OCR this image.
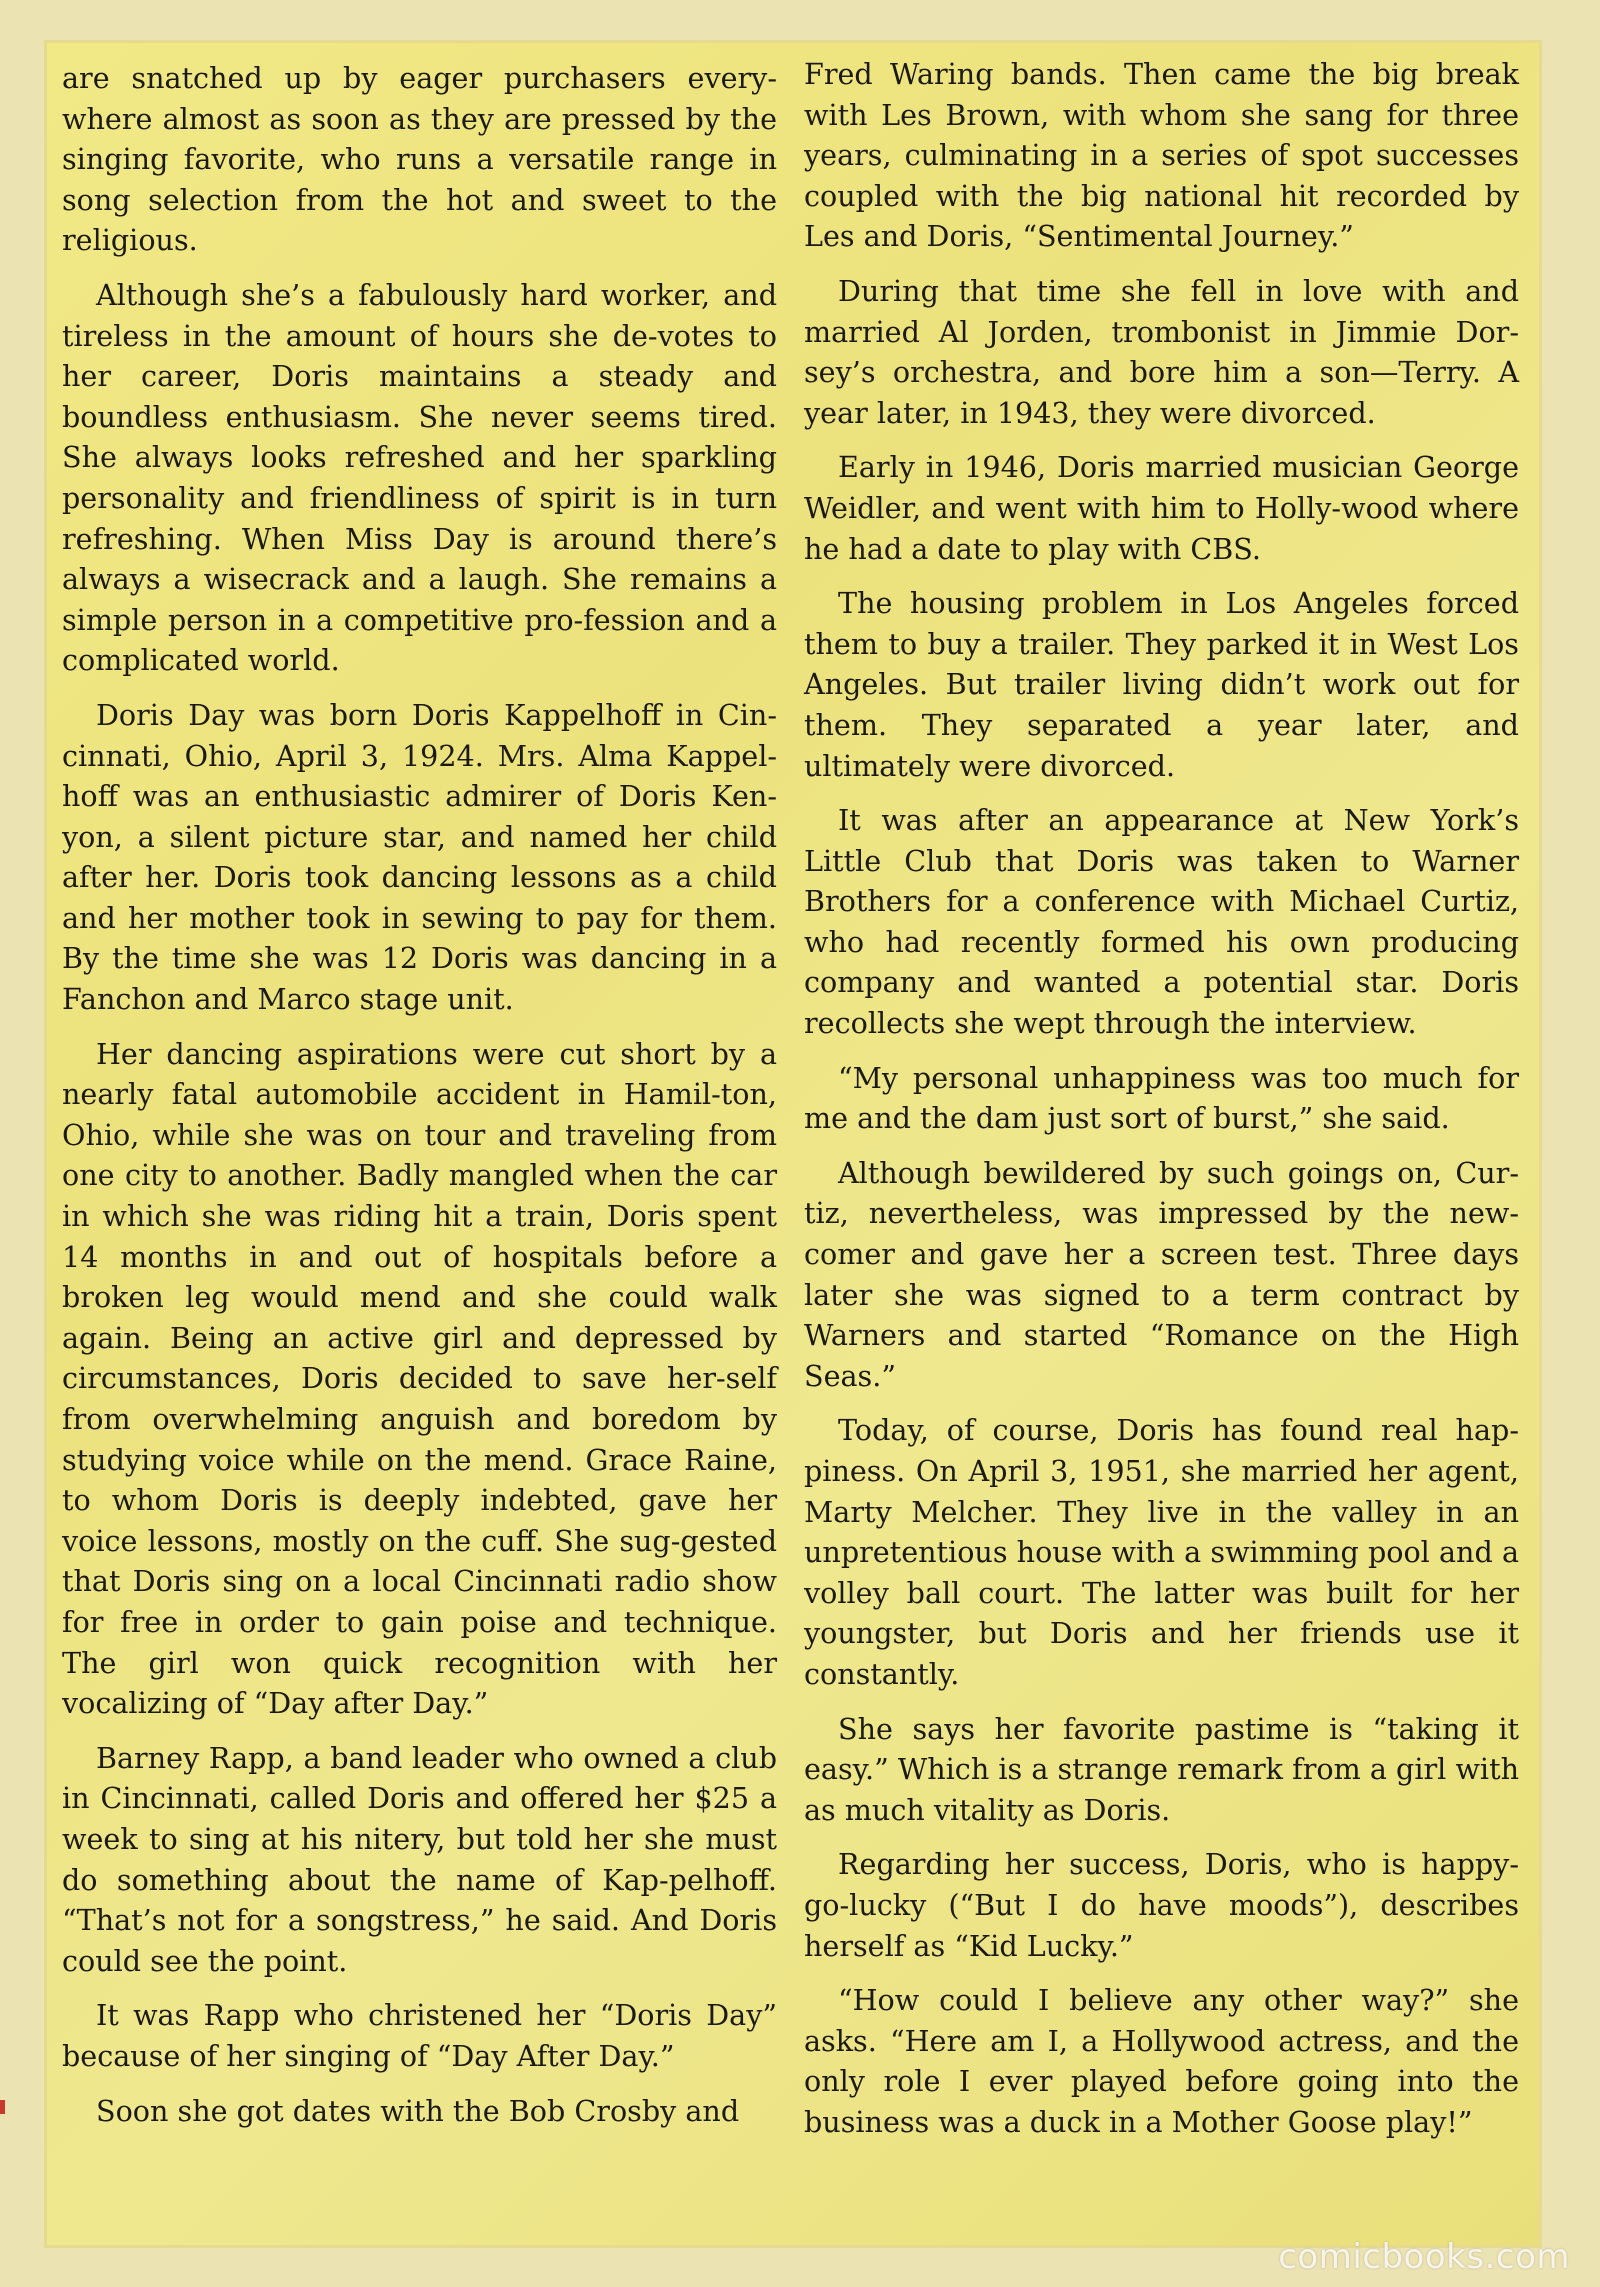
are snatched up by eager purchasers every-where almost as soon as they are pressed by the singing favorite, who runs a versatile range in song selection from the hot and sweet to the religious.

Although she’s a fabulously hard worker, and tireless in the amount of hours she de-votes to her career, Doris maintains a steady and boundless enthusiasm. She never seems tired. She always looks refreshed and her sparkling personality and friendliness of spirit is in turn refreshing. When Miss Day is around there’s always a wisecrack and a laugh. She remains a simple person in a competitive pro-fession and a complicated world.

Doris Day was born Doris Kappelhoff in Cin-cinnati, Ohio, April 3, 1924. Mrs. Alma Kappel-hoff was an enthusiastic admirer of Doris Ken-yon, a silent picture star, and named her child after her. Doris took dancing lessons as a child and her mother took in sewing to pay for them. By the time she was 12 Doris was dancing in a Fanchon and Marco stage unit.

Her dancing aspirations were cut short by a nearly fatal automobile accident in Hamil-ton, Ohio, while she was on tour and traveling from one city to another. Badly mangled when the car in which she was riding hit a train, Doris spent 14 months in and out of hospitals before a broken leg would mend and she could walk again. Being an active girl and depressed by circumstances, Doris decided to save her-self from overwhelming anguish and boredom by studying voice while on the mend. Grace Raine, to whom Doris is deeply indebted, gave her voice lessons, mostly on the cuff. She sug-gested that Doris sing on a local Cincinnati radio show for free in order to gain poise and technique. The girl won quick recognition with her vocalizing of “Day after Day.”

Barney Rapp, a band leader who owned a club in Cincinnati, called Doris and offered her $25 a week to sing at his nitery, but told her she must do something about the name of Kap-pelhoff. “That’s not for a songstress,” he said. And Doris could see the point.

It was Rapp who christened her “Doris Day” because of her singing of “Day After Day.”

Soon she got dates with the Bob Crosby and

Fred Waring bands. Then came the big break with Les Brown, with whom she sang for three years, culminating in a series of spot successes coupled with the big national hit recorded by Les and Doris, “Sentimental Journey.”

During that time she fell in love with and married Al Jorden, trombonist in Jimmie Dor-sey’s orchestra, and bore him a son—Terry. A year later, in 1943, they were divorced.

Early in 1946, Doris married musician George Weidler, and went with him to Holly-wood where he had a date to play with CBS.

The housing problem in Los Angeles forced them to buy a trailer. They parked it in West Los Angeles. But trailer living didn’t work out for them. They separated a year later, and ultimately were divorced.

It was after an appearance at New York’s Little Club that Doris was taken to Warner Brothers for a conference with Michael Curtiz, who had recently formed his own producing company and wanted a potential star. Doris recollects she wept through the interview.

“My personal unhappiness was too much for me and the dam just sort of burst,” she said.

Although bewildered by such goings on, Cur-tiz, nevertheless, was impressed by the new-comer and gave her a screen test. Three days later she was signed to a term contract by Warners and started “Romance on the High Seas.”

Today, of course, Doris has found real hap-piness. On April 3, 1951, she married her agent, Marty Melcher. They live in the valley in an unpretentious house with a swimming pool and a volley ball court. The latter was built for her youngster, but Doris and her friends use it constantly.

She says her favorite pastime is “taking it easy.” Which is a strange remark from a girl with as much vitality as Doris.

Regarding her success, Doris, who is happy-go-lucky (“But I do have moods”), describes herself as “Kid Lucky.”

“How could I believe any other way?” she asks. “Here am I, a Hollywood actress, and the only role I ever played before going into the business was a duck in a Mother Goose play!”

comicbooks.com
